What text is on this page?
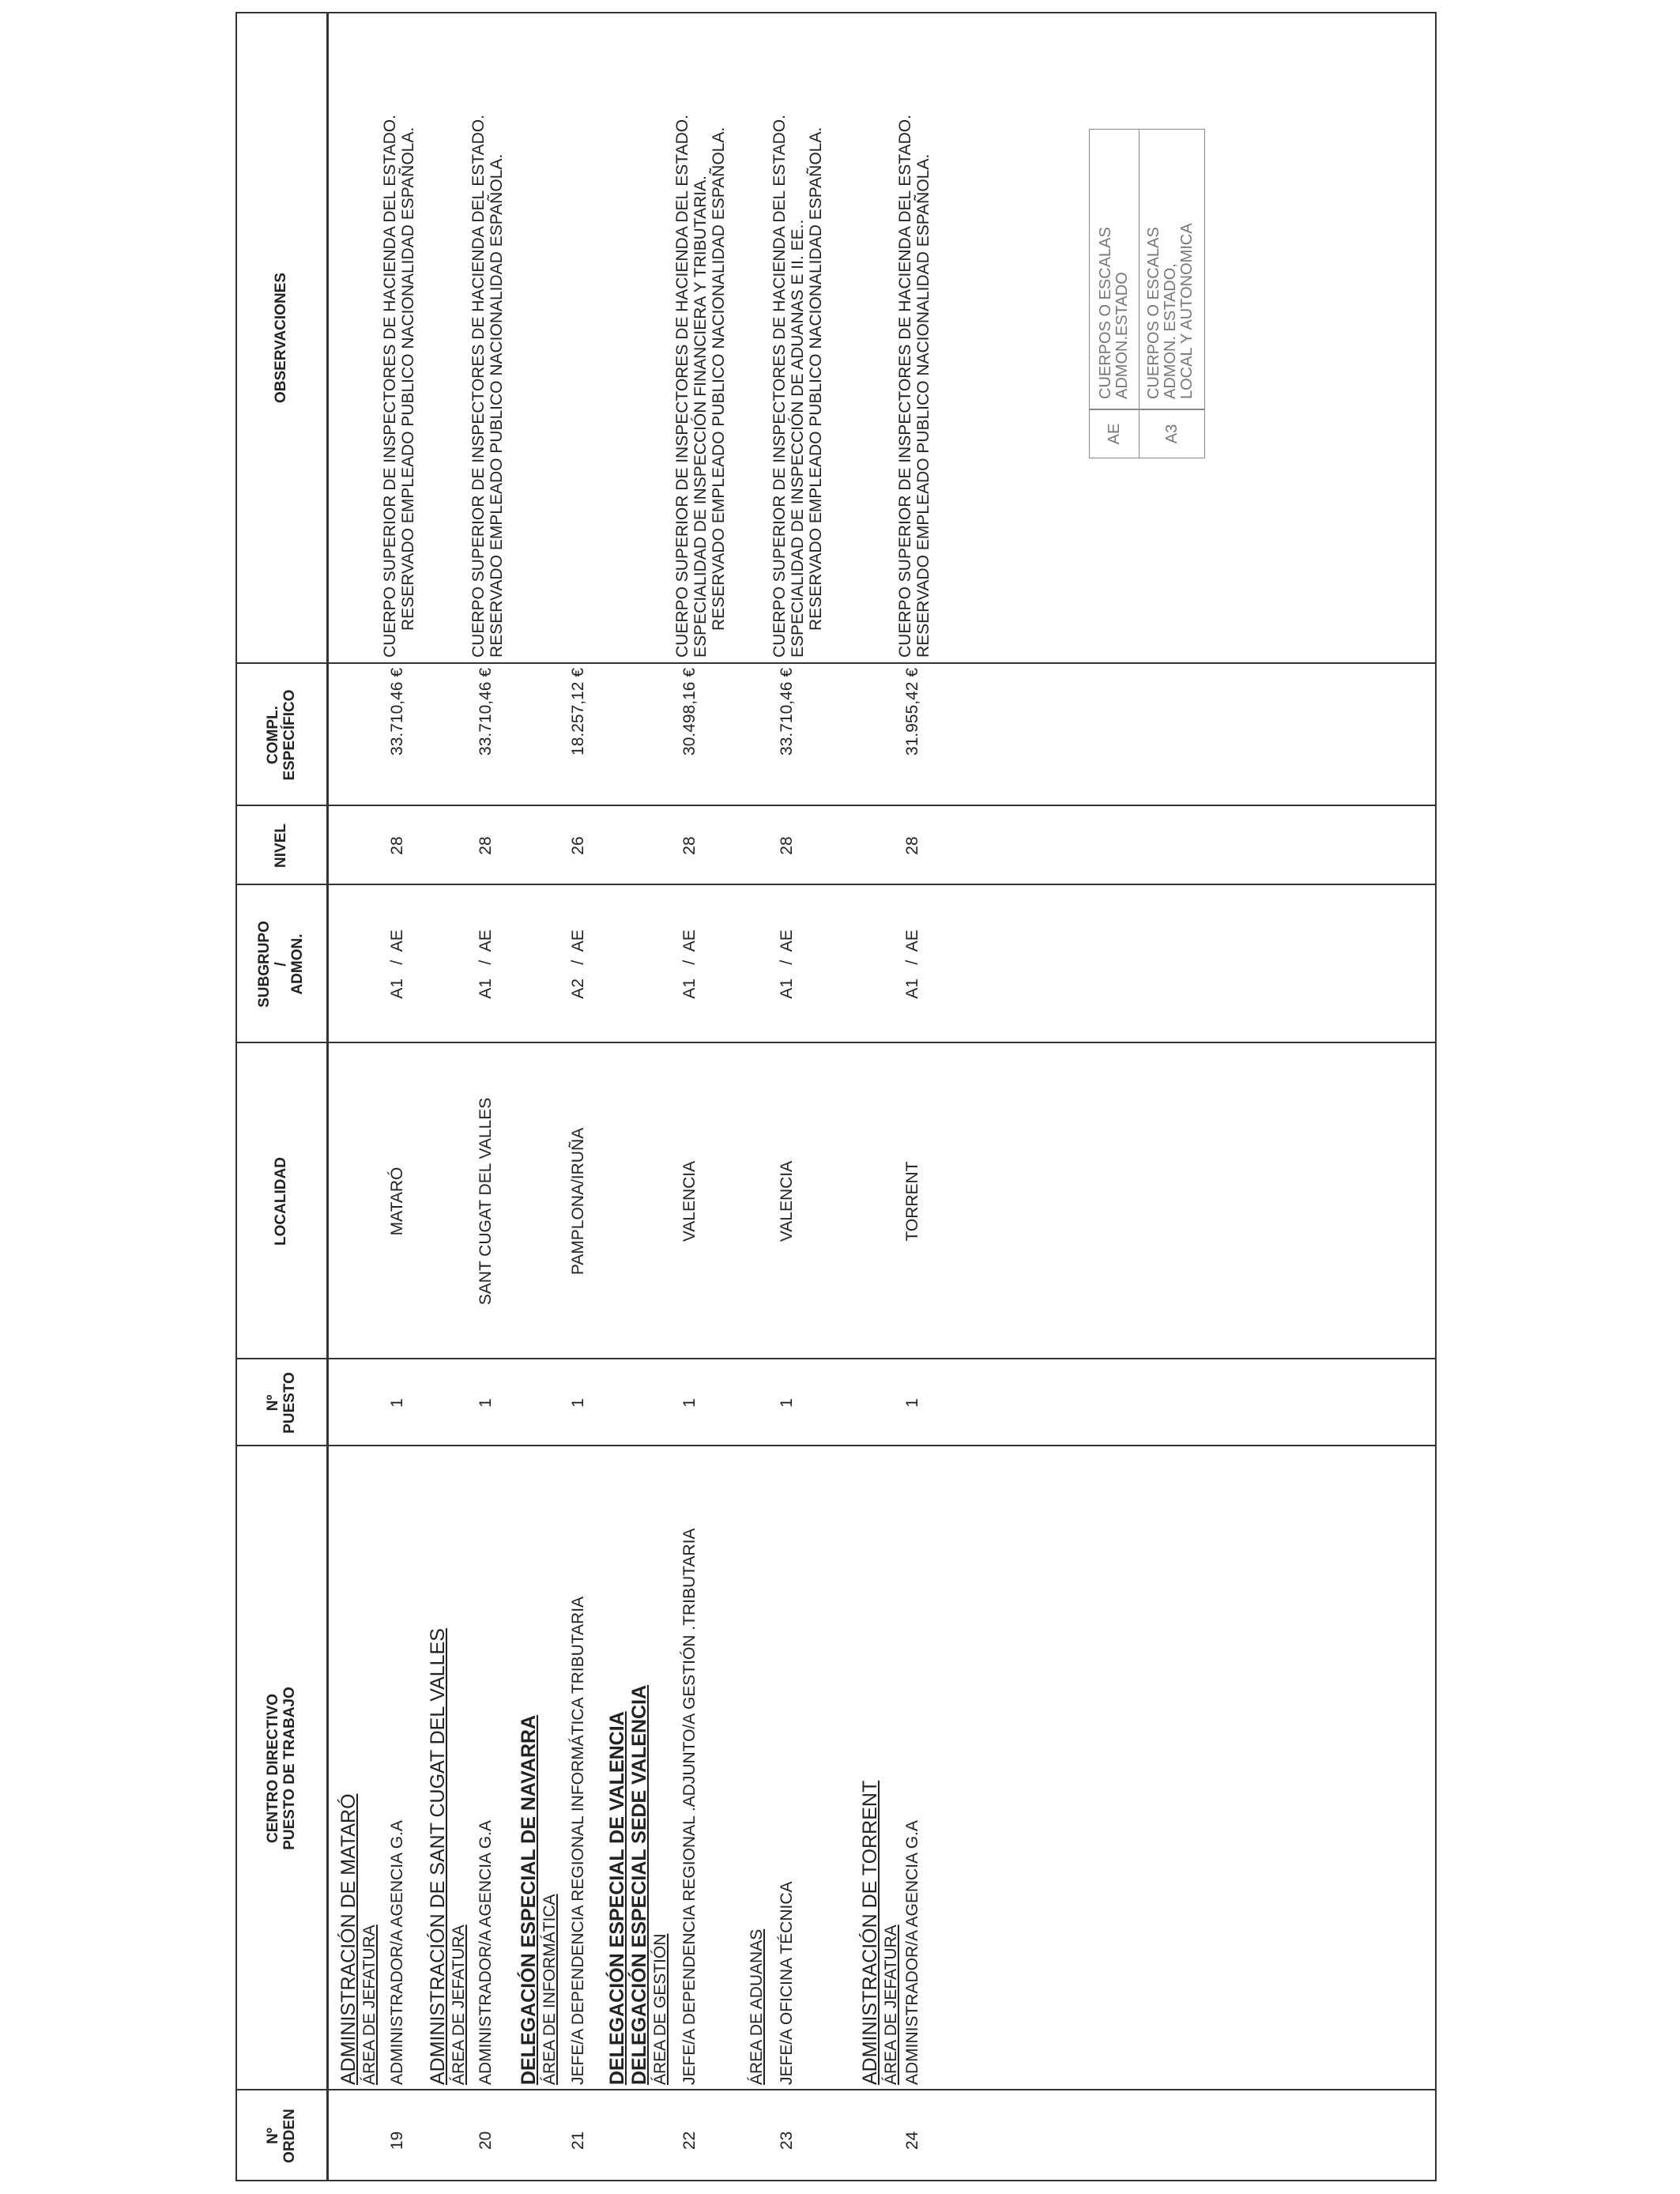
Nº ORDEN
CENTRO DIRECTIVO PUESTO DE TRABAJO
Nº PUESTO
LOCALIDAD
SUBGRUPO / ADMON.
NIVEL
COMPL. ESPECÍFICO
OBSERVACIONES
ADMINISTRACIÓN DE MATARÓ ÁREA DE JEFATURA
19
ADMINISTRADOR/A AGENCIA G.A
1
MATARÓ
A1   /  AE
28
33.710,46 €
CUERPO SUPERIOR DE INSPECTORES DE HACIENDA DEL ESTADO. RESERVADO EMPLEADO PUBLICO NACIONALIDAD ESPAÑOLA.
ADMINISTRACIÓN DE SANT CUGAT DEL VALLES ÁREA DE JEFATURA
20
ADMINISTRADOR/A AGENCIA G.A
1
SANT CUGAT DEL VALLES
A1   /  AE
28
33.710,46 €
CUERPO SUPERIOR DE INSPECTORES DE HACIENDA DEL ESTADO. RESERVADO EMPLEADO PUBLICO NACIONALIDAD ESPAÑOLA.
DELEGACIÓN ESPECIAL DE NAVARRA ÁREA DE INFORMÁTICA
21
JEFE/A DEPENDENCIA REGIONAL INFORMÁTICA TRIBUTARIA
1
PAMPLONA/IRUÑA
A2   /  AE
26
18.257,12 €
DELEGACIÓN ESPECIAL DE VALENCIA DELEGACIÓN ESPECIAL SEDE VALENCIA ÁREA DE GESTIÓN
22
JEFE/A DEPENDENCIA REGIONAL .ADJUNTO/A GESTIÓN .TRIBUTARIA
1
VALENCIA
A1   /  AE
28
30.498,16 €
CUERPO SUPERIOR DE INSPECTORES DE HACIENDA DEL ESTADO. ESPECIALIDAD DE INSPECCIÓN FINANCIERA Y TRIBUTARIA. RESERVADO EMPLEADO PUBLICO NACIONALIDAD ESPAÑOLA.
ÁREA DE ADUANAS
23
JEFE/A OFICINA TÉCNICA
1
VALENCIA
A1   /  AE
28
33.710,46 €
CUERPO SUPERIOR DE INSPECTORES DE HACIENDA DEL ESTADO. ESPECIALIDAD DE INSPECCIÓN DE ADUANAS E II. EE.. RESERVADO EMPLEADO PUBLICO NACIONALIDAD ESPAÑOLA.
ADMINISTRACIÓN DE TORRENT ÁREA DE JEFATURA
24
ADMINISTRADOR/A AGENCIA G.A
1
TORRENT
A1   /  AE
28
31.955,42 €
CUERPO SUPERIOR DE INSPECTORES DE HACIENDA DEL ESTADO. RESERVADO EMPLEADO PUBLICO NACIONALIDAD ESPAÑOLA.	AE
CUERPOS O ESCALAS ADMON.ESTADO
A3
CUERPOS O ESCALAS ADMON. ESTADO, LOCAL Y AUTONOMICA
